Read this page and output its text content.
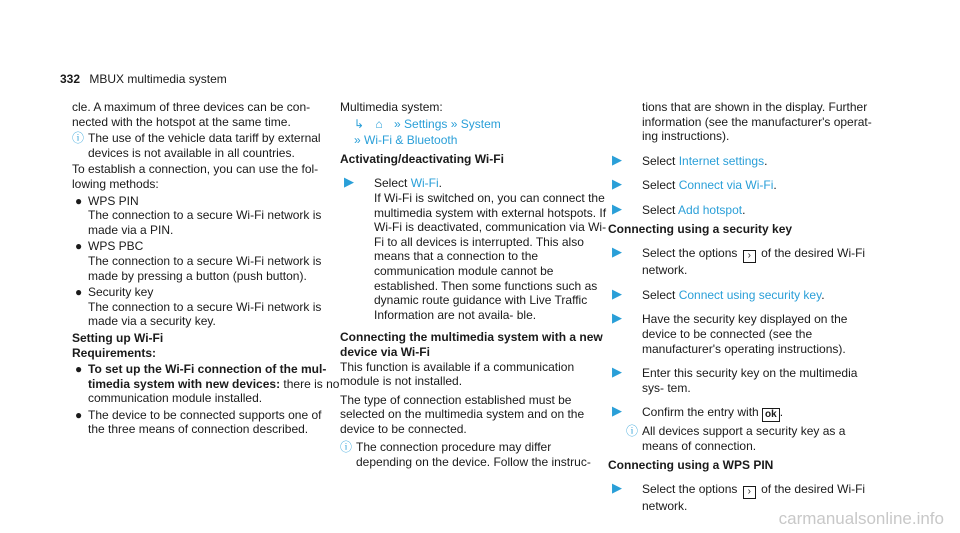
332 MBUX multimedia system

cle. A maximum of three devices can be con- nected with the hotspot at the same time.

ⓘ The use of the vehicle data tariff by external devices is not available in all countries.

To establish a connection, you can use the fol- lowing methods:

● WPS PIN
The connection to a secure Wi-Fi network is made via a PIN.
● WPS PBC
The connection to a secure Wi-Fi network is made by pressing a button (push button).
● Security key
The connection to a secure Wi-Fi network is made via a security key.

Setting up Wi-Fi

Requirements:

● To set up the Wi-Fi connection of the mul- timedia system with new devices: there is no communication module installed.
● The device to be connected supports one of the three means of connection described.

Multimedia system:

↳ ⌂ » Settings » System
» Wi-Fi & Bluetooth

Activating/deactivating Wi-Fi

▶ Select Wi-Fi.
If Wi-Fi is switched on, you can connect the multimedia system with external hotspots. If Wi-Fi is deactivated, communication via Wi-Fi to all devices is interrupted. This also means that a connection to the communication module cannot be established. Then some functions such as dynamic route guidance with Live Traffic Information are not availa- ble.

Connecting the multimedia system with a new device via Wi-Fi

This function is available if a communication module is not installed.

The type of connection established must be selected on the multimedia system and on the device to be connected.

ⓘ The connection procedure may differ depending on the device. Follow the instruc-

tions that are shown in the display. Further information (see the manufacturer's operat- ing instructions).

▶ Select Internet settings.
▶ Select Connect via Wi-Fi.
▶ Select Add hotspot.

Connecting using a security key

▶ Select the options › of the desired Wi-Fi network.
▶ Select Connect using security key.
▶ Have the security key displayed on the device to be connected (see the manufacturer's operating instructions).
▶ Enter this security key on the multimedia sys- tem.
▶ Confirm the entry with ok .
ⓘ All devices support a security key as a means of connection.

Connecting using a WPS PIN

▶ Select the options › of the desired Wi-Fi network.
carmanualsonline.info
